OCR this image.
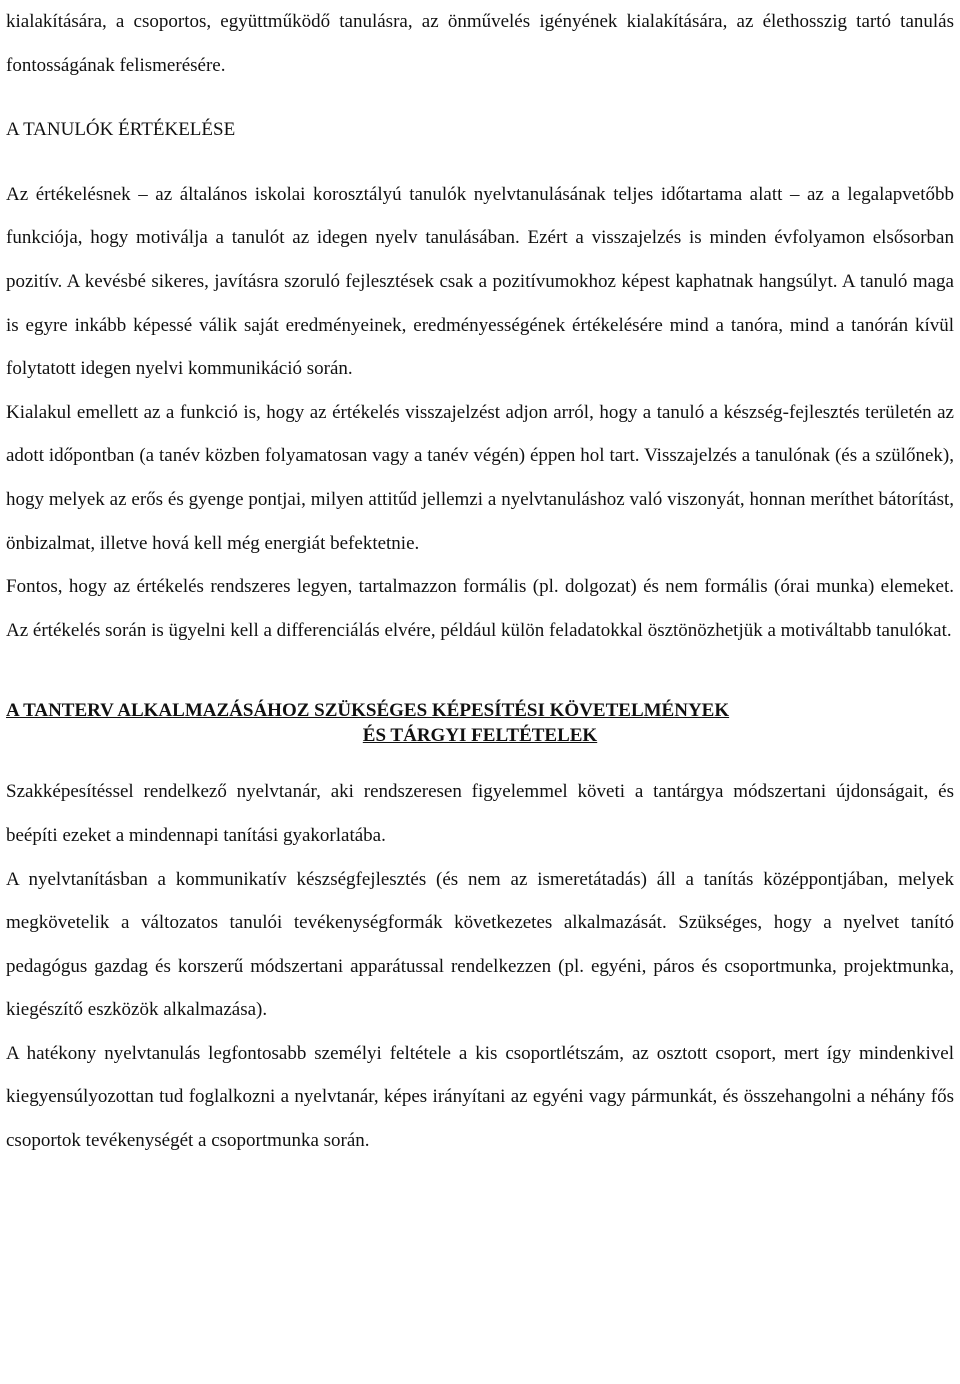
kialakítására, a csoportos, együttműködő tanulásra, az önművelés igényének kialakítására, az élethosszig tartó tanulás fontosságának felismerésére.

A TANULÓK ÉRTÉKELÉSE

Az értékelésnek ‒ az általános iskolai korosztályú tanulók nyelvtanulásának teljes időtartama alatt ‒ az a legalapvetőbb funkciója, hogy motiválja a tanulót az idegen nyelv tanulásában. Ezért a visszajelzés is minden évfolyamon elsősorban pozitív. A kevésbé sikeres, javításra szoruló fejlesztések csak a pozitívumokhoz képest kaphatnak hangsúlyt. A tanuló maga is egyre inkább képessé válik saját eredményeinek, eredményességének értékelésére mind a tanóra, mind a tanórán kívül folytatott idegen nyelvi kommunikáció során.

Kialakul emellett az a funkció is, hogy az értékelés visszajelzést adjon arról, hogy a tanuló a készség-fejlesztés területén az adott időpontban (a tanév közben folyamatosan vagy a tanév végén) éppen hol tart. Visszajelzés a tanulónak (és a szülőnek), hogy melyek az erős és gyenge pontjai, milyen attitűd jellemzi a nyelvtanuláshoz való viszonyát, honnan meríthet bátorítást, önbizalmat, illetve hová kell még energiát befektetnie.

Fontos, hogy az értékelés rendszeres legyen, tartalmazzon formális (pl. dolgozat) és nem formális (órai munka) elemeket. Az értékelés során is ügyelni kell a differenciálás elvére, például külön feladatokkal ösztönözhetjük a motiváltabb tanulókat.

A TANTERV ALKALMAZÁSÁHOZ SZÜKSÉGES KÉPESÍTÉSI KÖVETELMÉNYEK
ÉS TÁRGYI FELTÉTELEK

Szakképesítéssel rendelkező nyelvtanár, aki rendszeresen figyelemmel követi a tantárgya módszertani újdonságait, és beépíti ezeket a mindennapi tanítási gyakorlatába.

A nyelvtanításban a kommunikatív készségfejlesztés (és nem az ismeretátadás) áll a tanítás középpontjában, melyek megkövetelik a változatos tanulói tevékenységformák következetes alkalmazását. Szükséges, hogy a nyelvet tanító pedagógus gazdag és korszerű módszertani apparátussal rendelkezzen (pl. egyéni, páros és csoportmunka, projektmunka, kiegészítő eszközök alkalmazása).

A hatékony nyelvtanulás legfontosabb személyi feltétele a kis csoportlétszám, az osztott csoport, mert így mindenkivel kiegyensúlyozottan tud foglalkozni a nyelvtanár, képes irányítani az egyéni vagy pármunkát, és összehangolni a néhány fős csoportok tevékenységét a csoportmunka során.
